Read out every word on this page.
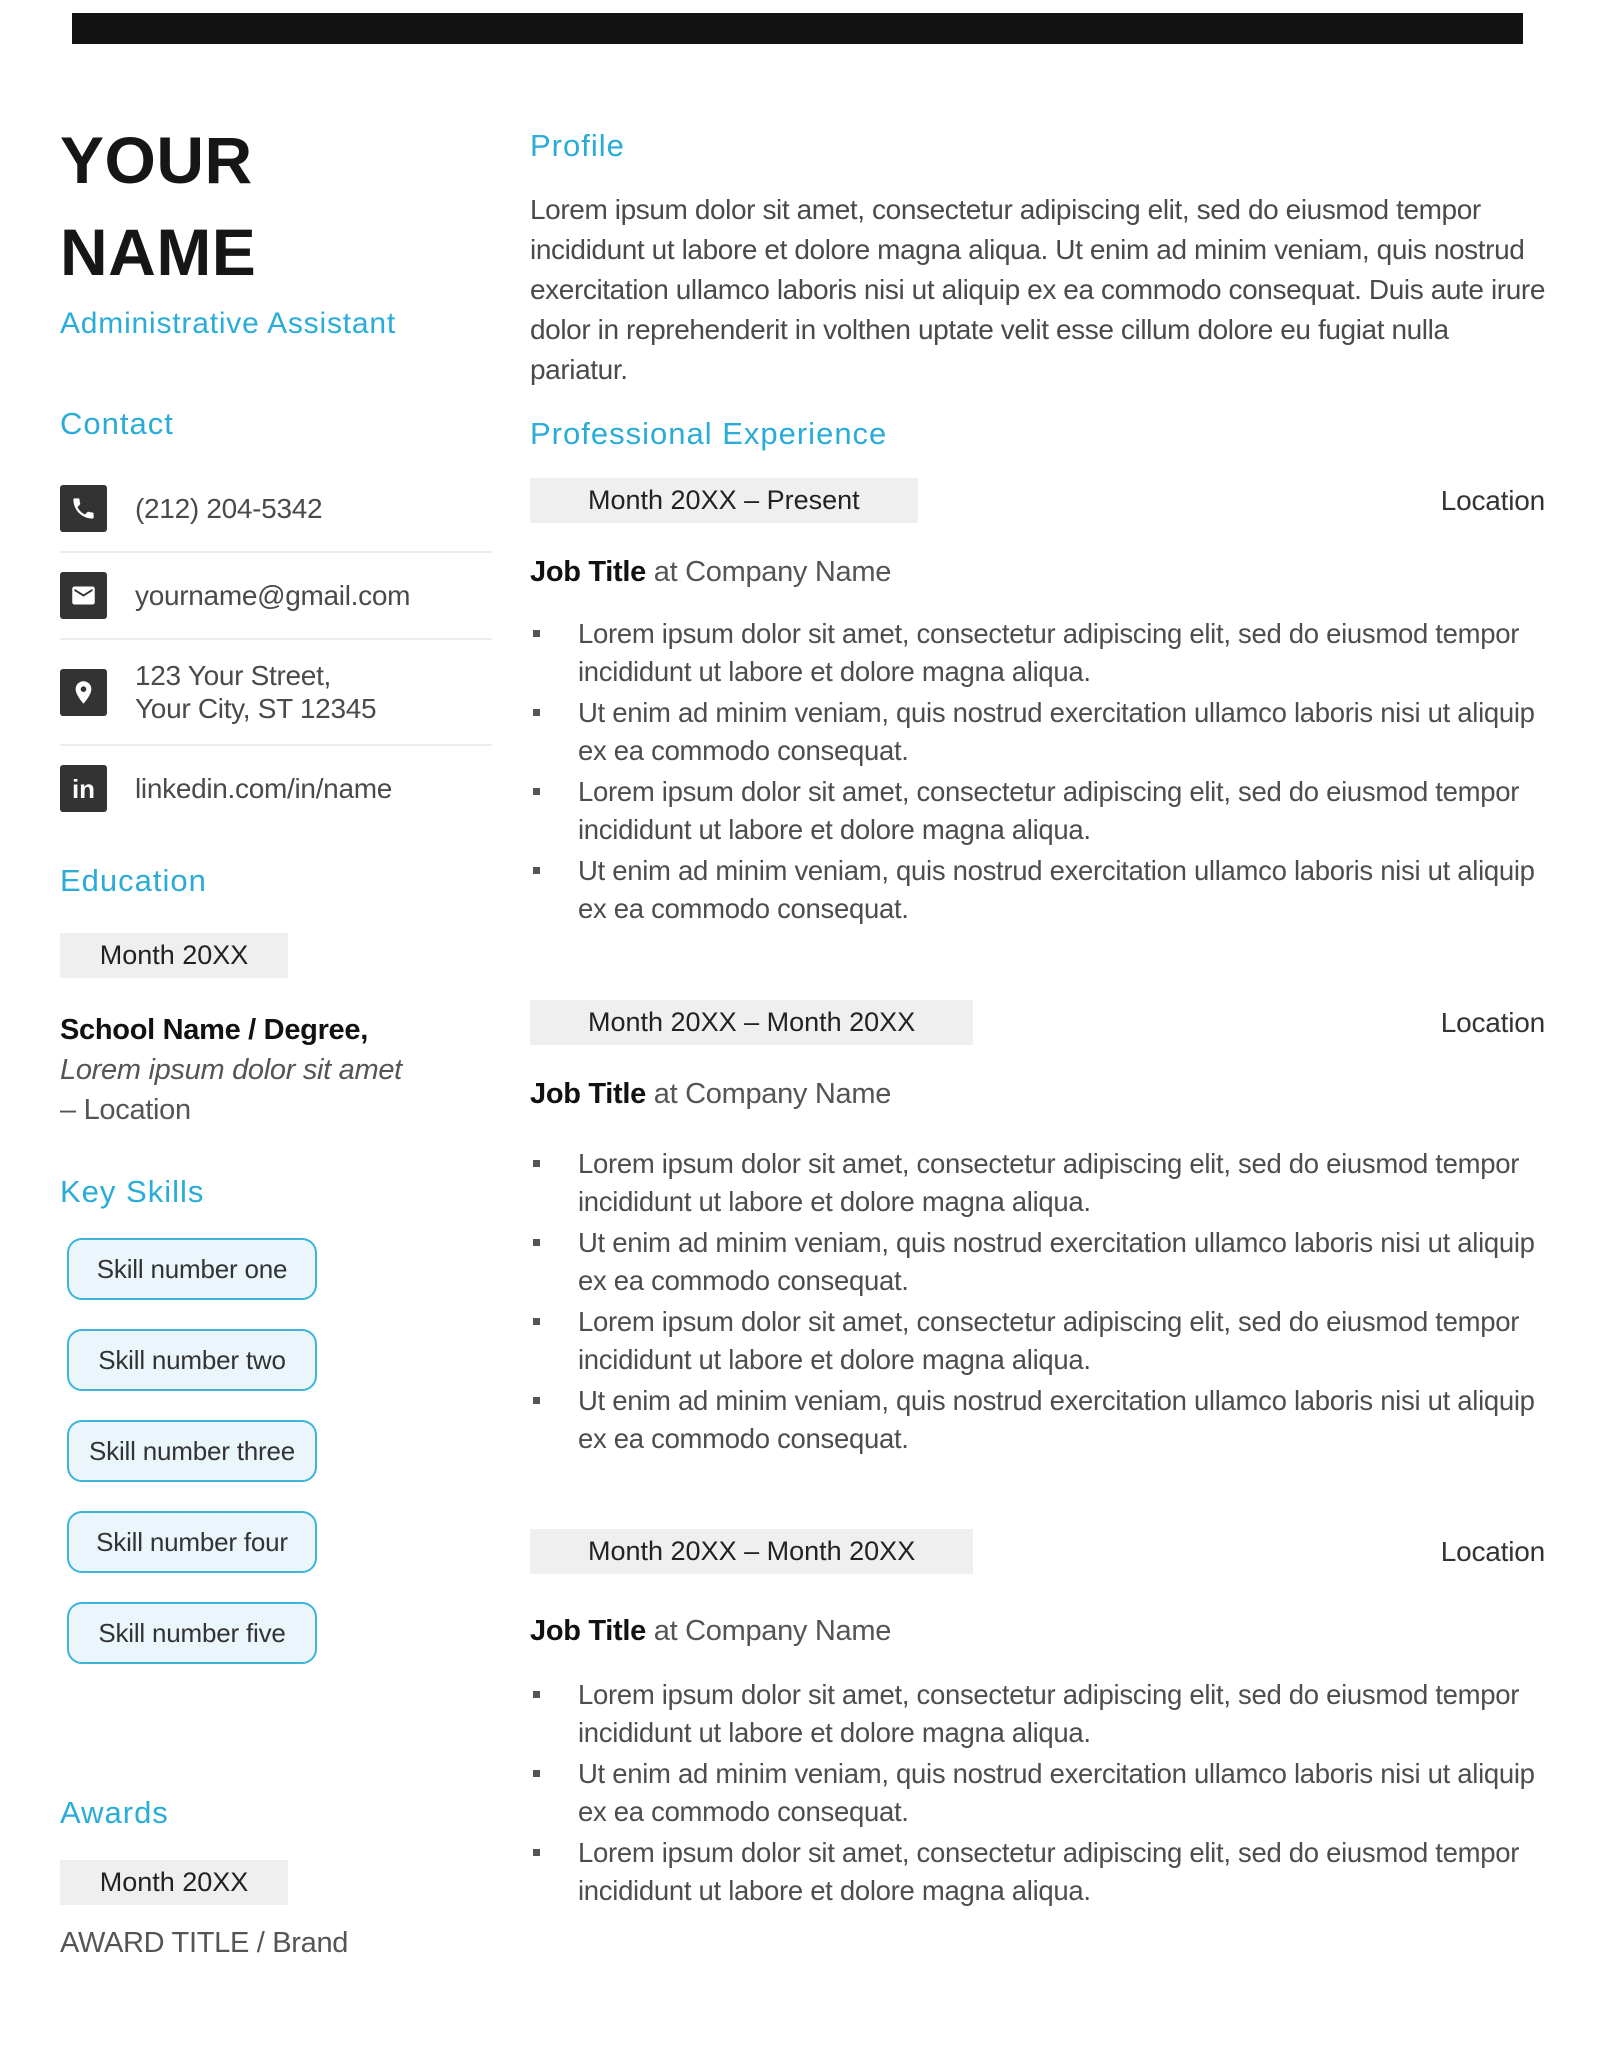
YOUR
NAME
Administrative Assistant
Contact
(212) 204-5342
yourname@gmail.com
123 Your Street,
Your City, ST 12345
in linkedin.com/in/name
Education
Month 20XX
School Name / Degree,
Lorem ipsum dolor sit amet
– Location
Key Skills
Skill number one
Skill number two
Skill number three
Skill number four
Skill number five
Awards
Month 20XX
AWARD TITLE / Brand
Profile
Lorem ipsum dolor sit amet, consectetur adipiscing elit, sed do eiusmod tempor incididunt ut labore et dolore magna aliqua. Ut enim ad minim veniam, quis nostrud exercitation ullamco laboris nisi ut aliquip ex ea commodo consequat. Duis aute irure dolor in reprehenderit in volthen uptate velit esse cillum dolore eu fugiat nulla pariatur.
Professional Experience
Month 20XX – Present	Location
Job Title at Company Name
Lorem ipsum dolor sit amet, consectetur adipiscing elit, sed do eiusmod tempor incididunt ut labore et dolore magna aliqua.
Ut enim ad minim veniam, quis nostrud exercitation ullamco laboris nisi ut aliquip ex ea commodo consequat.
Lorem ipsum dolor sit amet, consectetur adipiscing elit, sed do eiusmod tempor incididunt ut labore et dolore magna aliqua.
Ut enim ad minim veniam, quis nostrud exercitation ullamco laboris nisi ut aliquip ex ea commodo consequat.
Month 20XX – Month 20XX	Location
Job Title at Company Name
Lorem ipsum dolor sit amet, consectetur adipiscing elit, sed do eiusmod tempor incididunt ut labore et dolore magna aliqua.
Ut enim ad minim veniam, quis nostrud exercitation ullamco laboris nisi ut aliquip ex ea commodo consequat.
Lorem ipsum dolor sit amet, consectetur adipiscing elit, sed do eiusmod tempor incididunt ut labore et dolore magna aliqua.
Ut enim ad minim veniam, quis nostrud exercitation ullamco laboris nisi ut aliquip ex ea commodo consequat.
Month 20XX – Month 20XX	Location
Job Title at Company Name
Lorem ipsum dolor sit amet, consectetur adipiscing elit, sed do eiusmod tempor incididunt ut labore et dolore magna aliqua.
Ut enim ad minim veniam, quis nostrud exercitation ullamco laboris nisi ut aliquip ex ea commodo consequat.
Lorem ipsum dolor sit amet, consectetur adipiscing elit, sed do eiusmod tempor incididunt ut labore et dolore magna aliqua.
